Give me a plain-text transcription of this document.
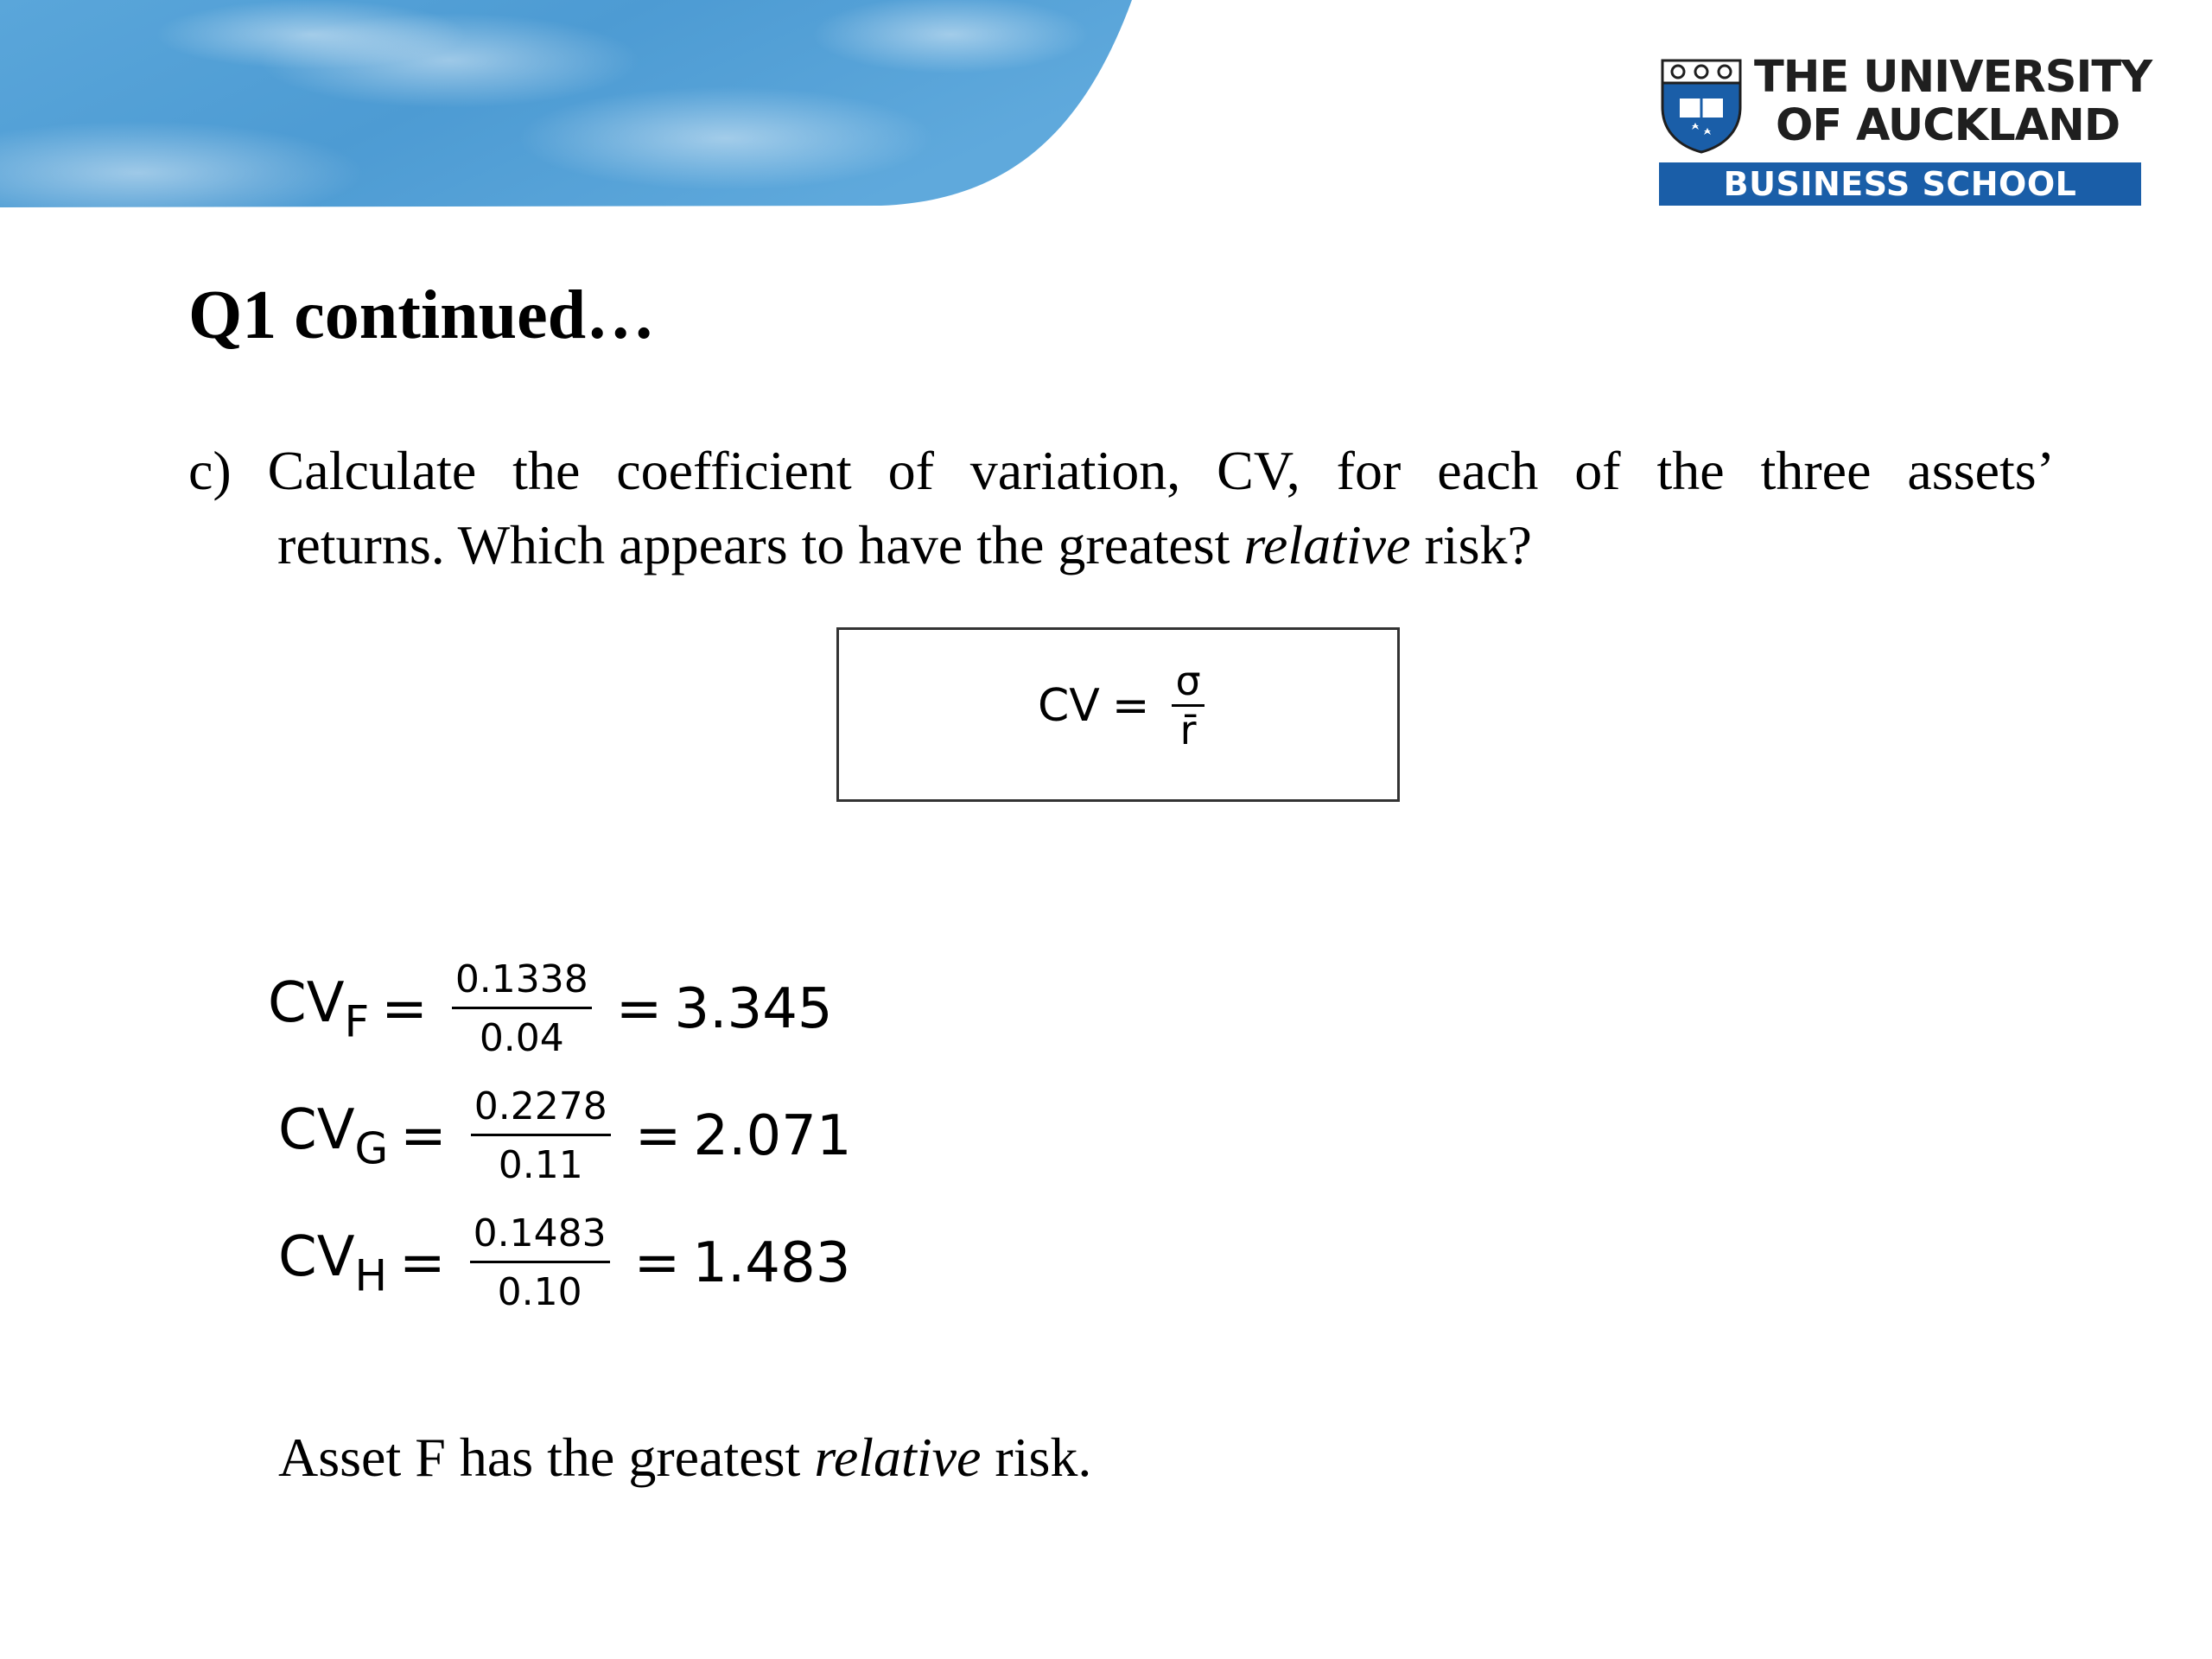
THE UNIVERSITY
OF AUCKLAND
BUSINESS SCHOOL
Q1 continued…
c) Calculate the coefficient of variation, CV, for each of the three assets’
returns. Which appears to have the greatest relative risk?
CV = $\frac{\sigma}{r̄}$
$CV_F = \frac{0.1338}{0.04} = 3.345$
$CV_G = \frac{0.2278}{0.11} = 2.071$
$CV_H = \frac{0.1483}{0.10} = 1.483$
Asset F has the greatest relative risk.
